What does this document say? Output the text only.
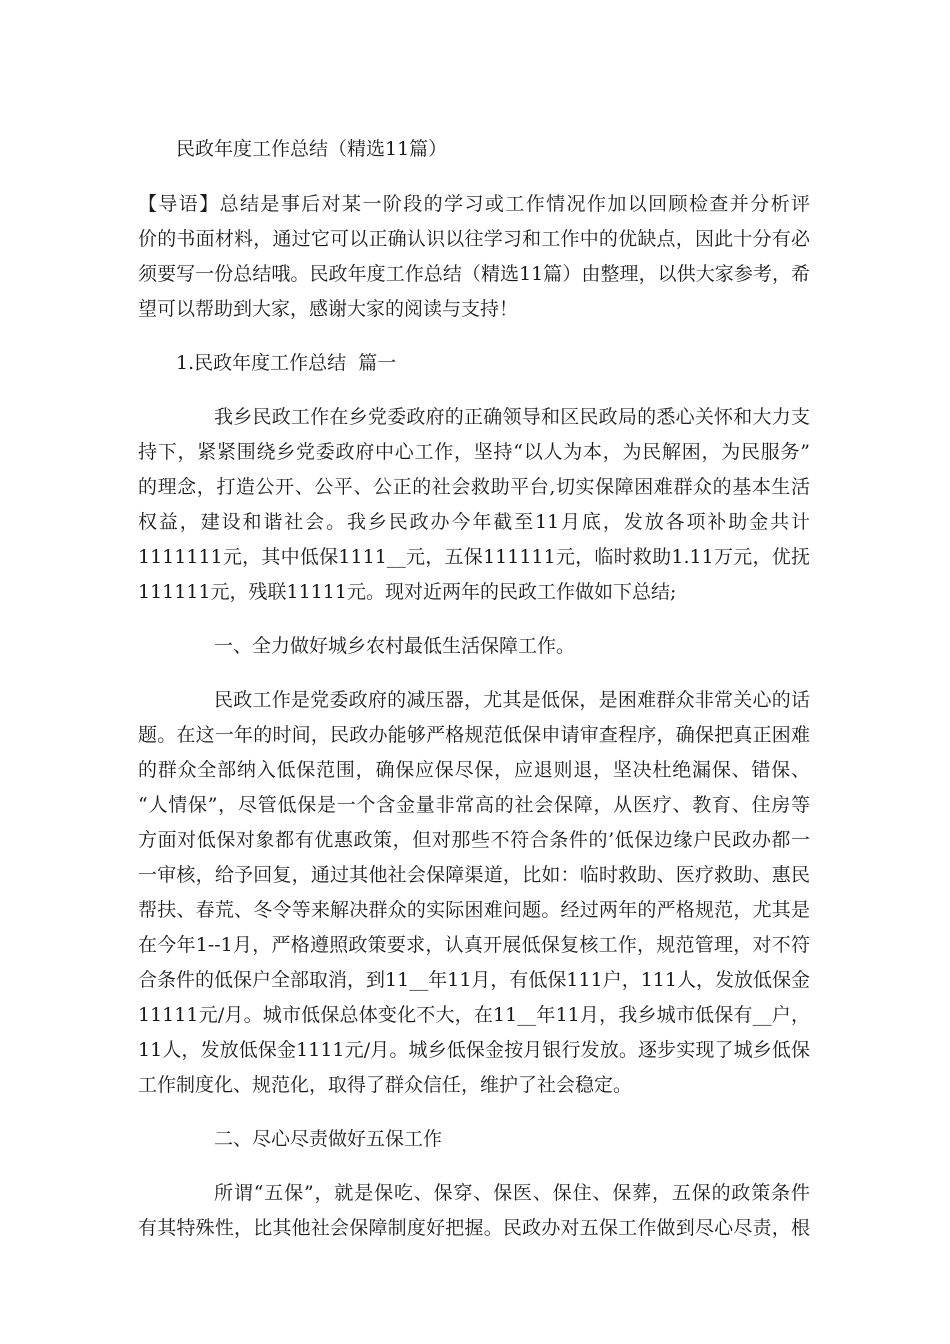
民政年度工作总结（精选11篇）
【导语】总结是事后对某一阶段的学习或工作情况作加以回顾检查并分析评
价的书面材料，通过它可以正确认识以往学习和工作中的优缺点，因此十分有必
须要写一份总结哦。民政年度工作总结（精选11篇）由整理，以供大家参考，希
望可以帮助到大家，感谢大家的阅读与支持！
1.民政年度工作总结  篇一
我乡民政工作在乡党委政府的正确领导和区民政局的悉心关怀和大力支
持下，紧紧围绕乡党委政府中心工作，坚持“以人为本，为民解困，为民服务”
的理念，打造公开、公平、公正的社会救助平台,切实保障困难群众的基本生活
权益，建设和谐社会。我乡民政办今年截至11月底，发放各项补助金共计
1111111元，其中低保1111__元，五保111111元，临时救助1.11万元，优抚
111111元，残联11111元。现对近两年的民政工作做如下总结;
一、全力做好城乡农村最低生活保障工作。
民政工作是党委政府的减压器，尤其是低保，是困难群众非常关心的话
题。在这一年的时间，民政办能够严格规范低保申请审查程序，确保把真正困难
的群众全部纳入低保范围，确保应保尽保，应退则退，坚决杜绝漏保、错保、
“人情保”，尽管低保是一个含金量非常高的社会保障，从医疗、教育、住房等
方面对低保对象都有优惠政策，但对那些不符合条件的’低保边缘户民政办都一
一审核，给予回复，通过其他社会保障渠道，比如：临时救助、医疗救助、惠民
帮扶、春荒、冬令等来解决群众的实际困难问题。经过两年的严格规范，尤其是
在今年1--1月，严格遵照政策要求，认真开展低保复核工作，规范管理，对不符
合条件的低保户全部取消，到11__年11月，有低保111户，111人，发放低保金
11111元/月。城市低保总体变化不大，在11__年11月，我乡城市低保有__户，
11人，发放低保金1111元/月。城乡低保金按月银行发放。逐步实现了城乡低保
工作制度化、规范化，取得了群众信任，维护了社会稳定。
二、尽心尽责做好五保工作
所谓“五保”，就是保吃、保穿、保医、保住、保葬，五保的政策条件
有其特殊性，比其他社会保障制度好把握。民政办对五保工作做到尽心尽责，根
